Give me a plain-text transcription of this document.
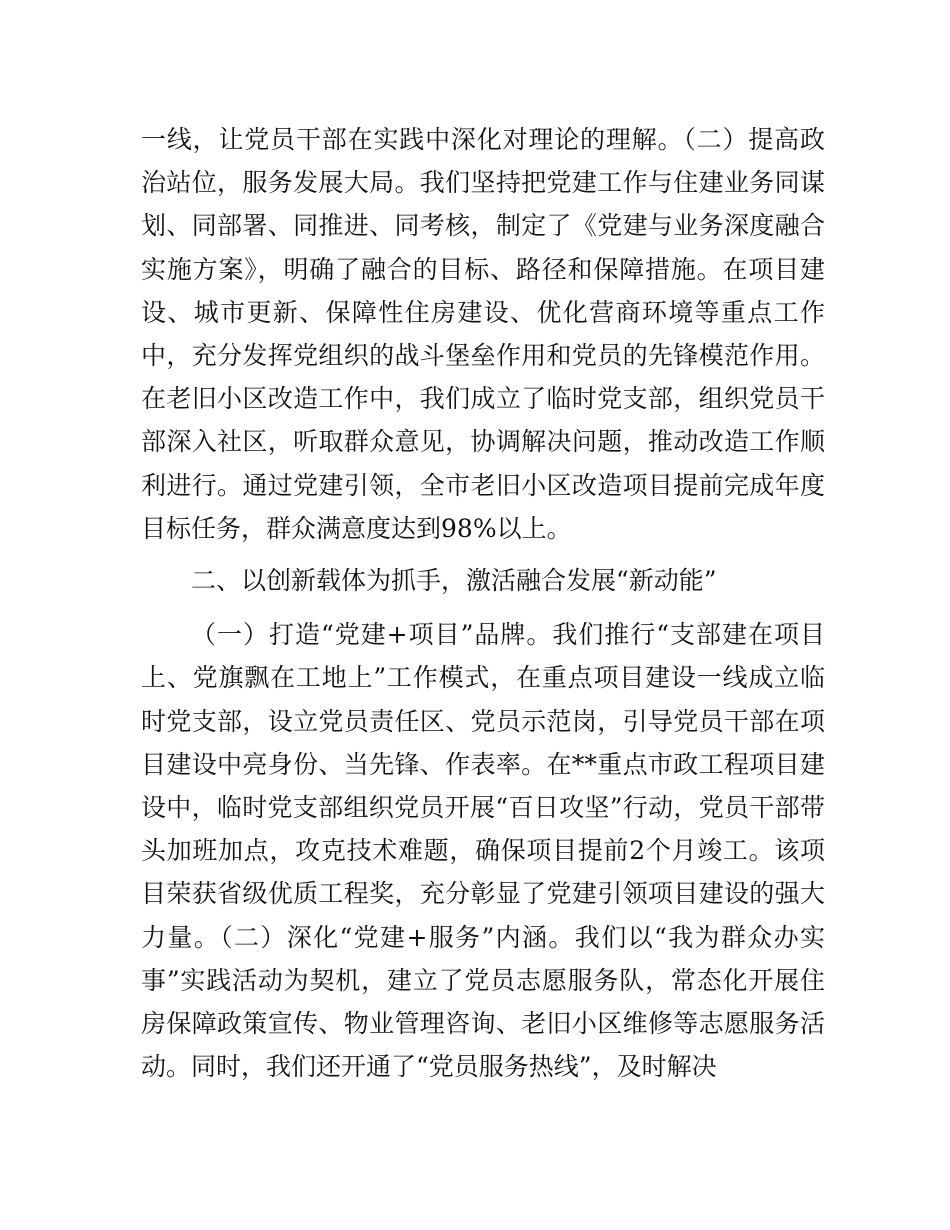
一线，让党员干部在实践中深化对理论的理解。（二）提高政治站位，服务发展大局。我们坚持把党建工作与住建业务同谋划、同部署、同推进、同考核，制定了《党建与业务深度融合实施方案》，明确了融合的目标、路径和保障措施。在项目建设、城市更新、保障性住房建设、优化营商环境等重点工作中，充分发挥党组织的战斗堡垒作用和党员的先锋模范作用。在老旧小区改造工作中，我们成立了临时党支部，组织党员干部深入社区，听取群众意见，协调解决问题，推动改造工作顺利进行。通过党建引领，全市老旧小区改造项目提前完成年度目标任务，群众满意度达到98%以上。

二、以创新载体为抓手，激活融合发展“新动能”

（一）打造“党建+项目”品牌。我们推行“支部建在项目上、党旗飘在工地上”工作模式，在重点项目建设一线成立临时党支部，设立党员责任区、党员示范岗，引导党员干部在项目建设中亮身份、当先锋、作表率。在**重点市政工程项目建设中，临时党支部组织党员开展“百日攻坚”行动，党员干部带头加班加点，攻克技术难题，确保项目提前2个月竣工。该项目荣获省级优质工程奖，充分彰显了党建引领项目建设的强大力量。（二）深化“党建+服务”内涵。我们以“我为群众办实事”实践活动为契机，建立了党员志愿服务队，常态化开展住房保障政策宣传、物业管理咨询、老旧小区维修等志愿服务活动。同时，我们还开通了“党员服务热线”，及时解决
